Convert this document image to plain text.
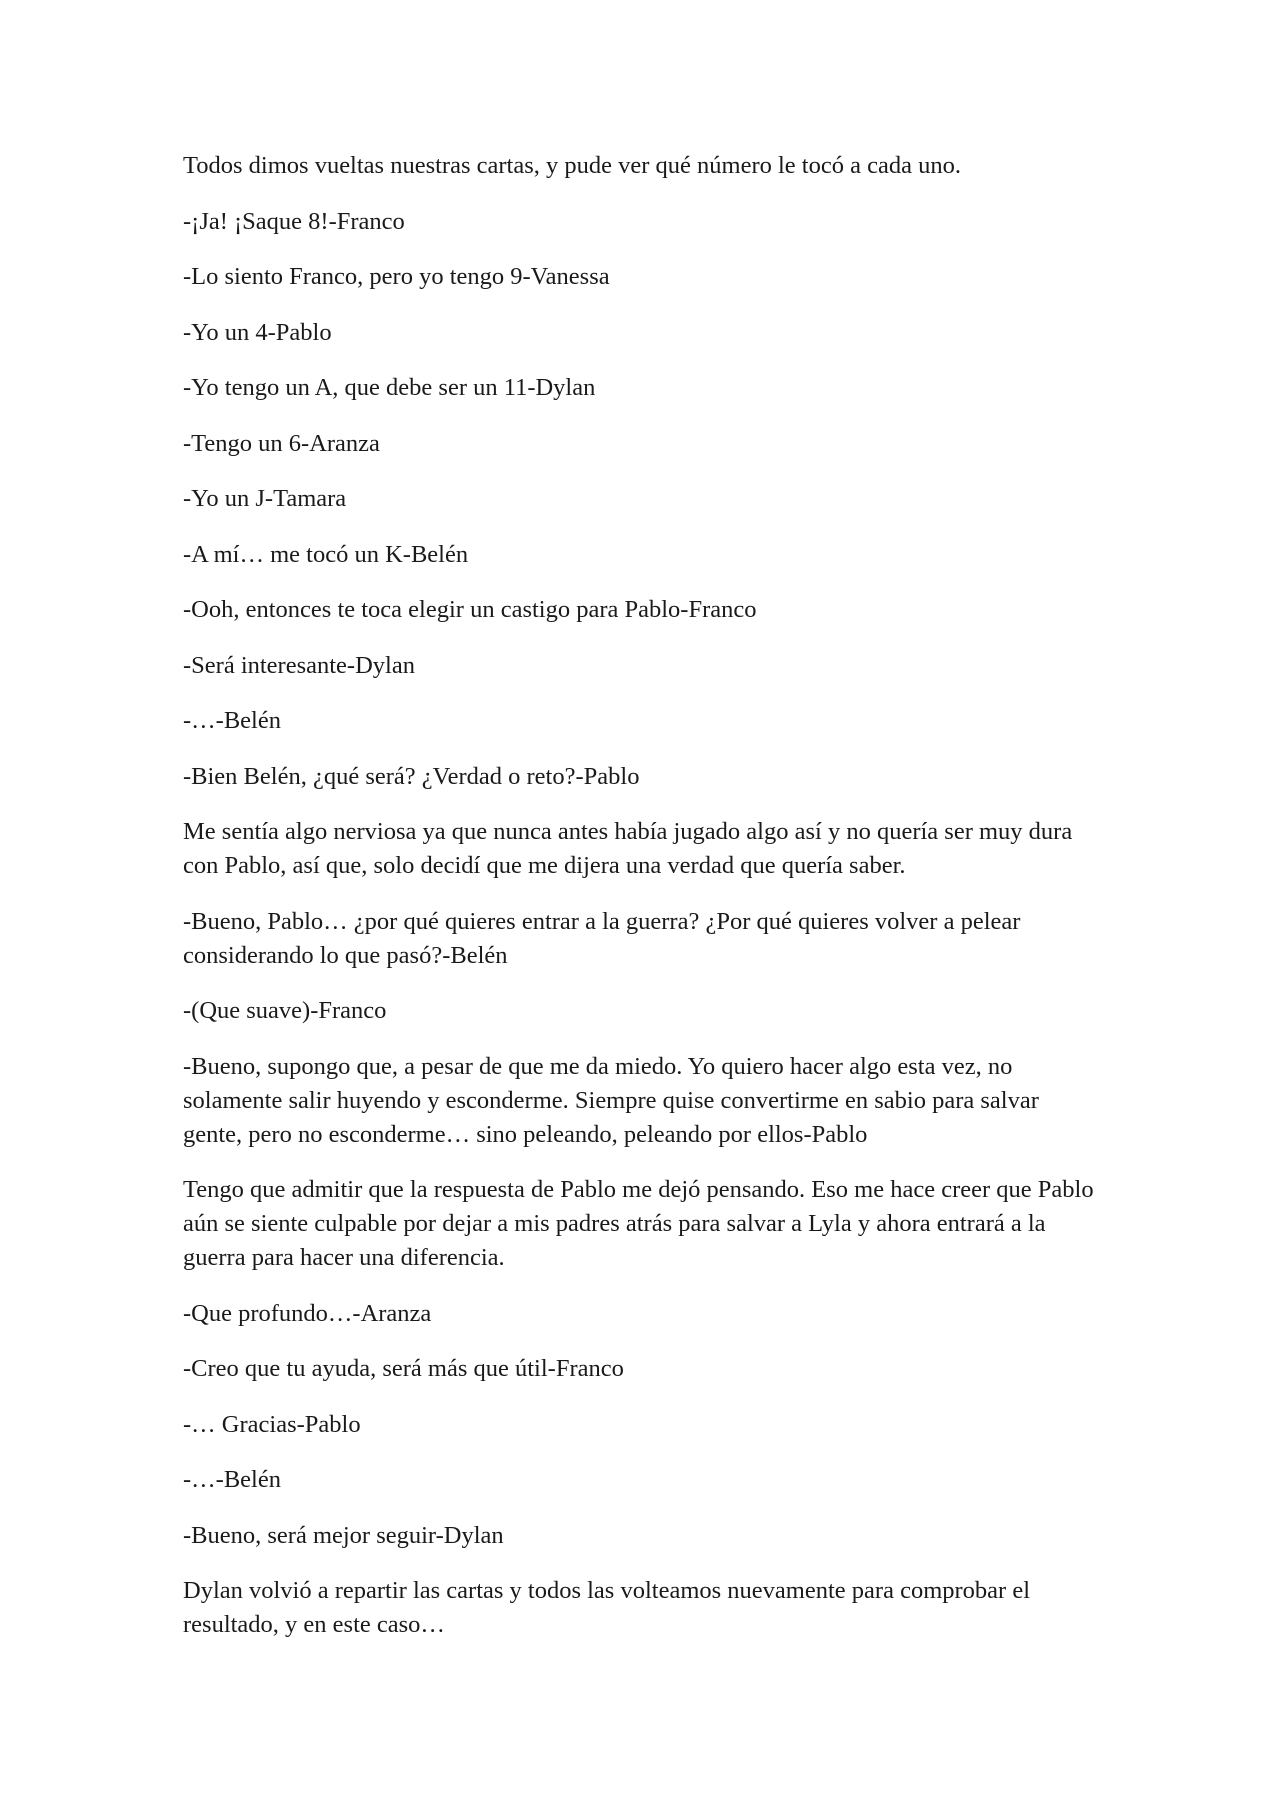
Todos dimos vueltas nuestras cartas, y pude ver qué número le tocó a cada uno.

-¡Ja! ¡Saque 8!-Franco

-Lo siento Franco, pero yo tengo 9-Vanessa

-Yo un 4-Pablo

-Yo tengo un A, que debe ser un 11-Dylan

-Tengo un 6-Aranza

-Yo un J-Tamara

-A mí… me tocó un K-Belén

-Ooh, entonces te toca elegir un castigo para Pablo-Franco

-Será interesante-Dylan

-…-Belén

-Bien Belén, ¿qué será? ¿Verdad o reto?-Pablo

Me sentía algo nerviosa ya que nunca antes había jugado algo así y no quería ser muy dura con Pablo, así que, solo decidí que me dijera una verdad que quería saber.

-Bueno, Pablo… ¿por qué quieres entrar a la guerra? ¿Por qué quieres volver a pelear considerando lo que pasó?-Belén

-(Que suave)-Franco

-Bueno, supongo que, a pesar de que me da miedo. Yo quiero hacer algo esta vez, no solamente salir huyendo y esconderme. Siempre quise convertirme en sabio para salvar gente, pero no esconderme… sino peleando, peleando por ellos-Pablo

Tengo que admitir que la respuesta de Pablo me dejó pensando. Eso me hace creer que Pablo aún se siente culpable por dejar a mis padres atrás para salvar a Lyla y ahora entrará a la guerra para hacer una diferencia.

-Que profundo…-Aranza

-Creo que tu ayuda, será más que útil-Franco

-… Gracias-Pablo

-…-Belén

-Bueno, será mejor seguir-Dylan

Dylan volvió a repartir las cartas y todos las volteamos nuevamente para comprobar el resultado, y en este caso…
